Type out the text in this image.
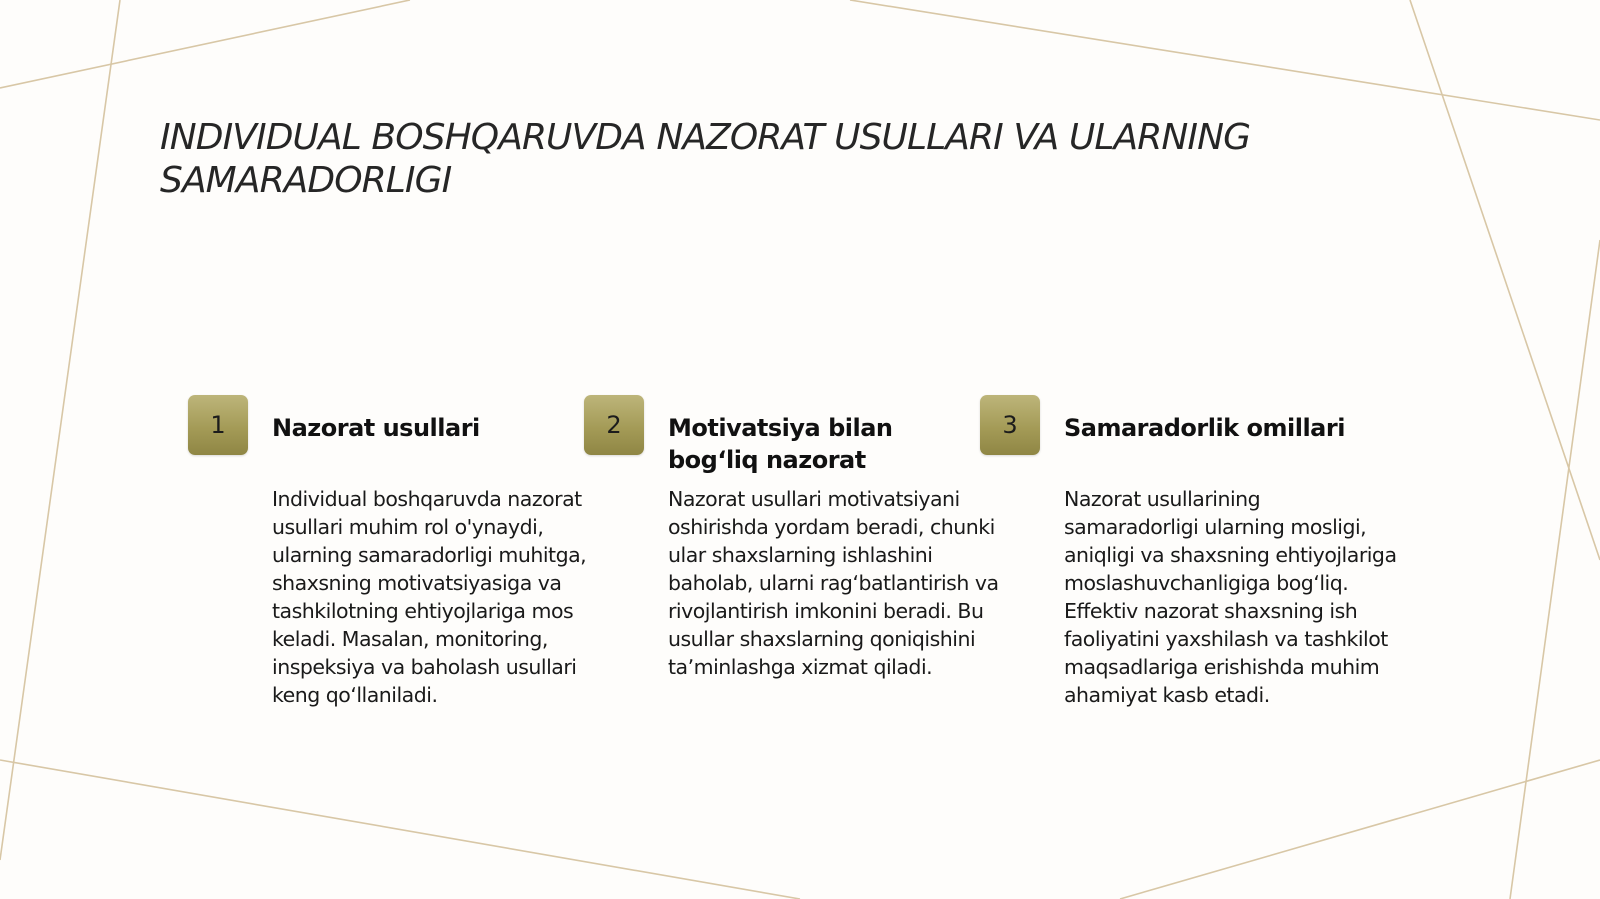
INDIVIDUAL BOSHQARUVDA NAZORAT USULLARI VA ULARNING SAMARADORLIGI
1	Nazorat usullari

Individual boshqaruvda nazorat usullari muhim rol o'ynaydi, ularning samaradorligi muhitga, shaxsning motivatsiyasiga va tashkilotning ehtiyojlariga mos keladi. Masalan, monitoring, inspeksiya va baholash usullari keng qoʻllaniladi.

2	Motivatsiya bilan bogʻliq nazorat

Nazorat usullari motivatsiyani oshirishda yordam beradi, chunki ular shaxslarning ishlashini baholab, ularni ragʻbatlantirish va rivojlantirish imkonini beradi. Bu usullar shaxslarning qoniqishini taʼminlashga xizmat qiladi.

3	Samaradorlik omillari

Nazorat usullarining samaradorligi ularning mosligi, aniqligi va shaxsning ehtiyojlariga moslashuvchanligiga bogʻliq. Effektiv nazorat shaxsning ish faoliyatini yaxshilash va tashkilot maqsadlariga erishishda muhim ahamiyat kasb etadi.
